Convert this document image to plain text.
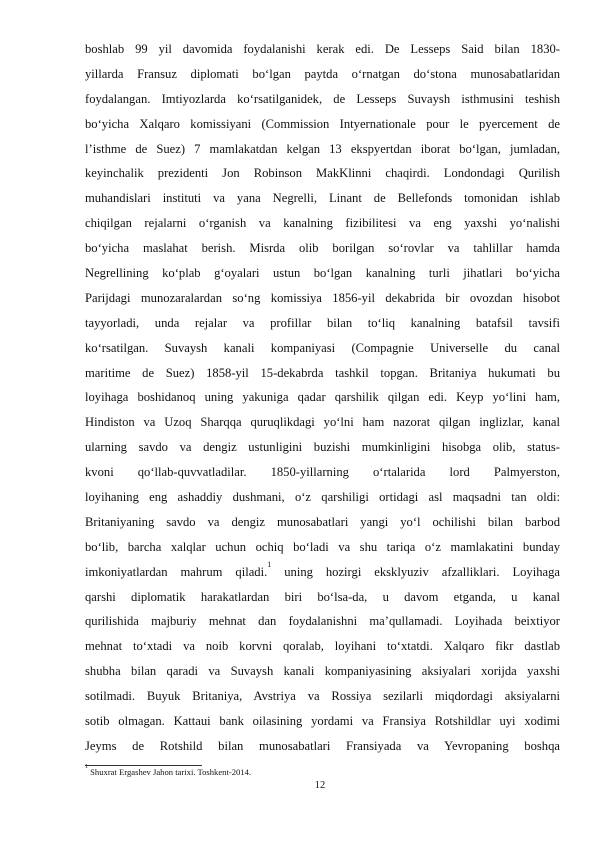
boshlab 99 yil davomida foydalanishi kerak edi. De Lesseps Said bilan 1830-
yillarda Fransuz diplomati bo‘lgan paytda o‘rnatgan do‘stona munosabatlaridan
foydalangan. Imtiyozlarda ko‘rsatilganidek, de Lesseps Suvaysh isthmusini teshish
bo‘yicha Xalqaro komissiyani (Commission Intyernationale pour le pyercement de
l’isthme de Suez) 7 mamlakatdan kelgan 13 ekspyertdan iborat bo‘lgan, jumladan,
keyinchalik prezidenti Jon Robinson MakKlinni chaqirdi. Londondagi Qurilish
muhandislari instituti va yana Negrelli, Linant de Bellefonds tomonidan ishlab
chiqilgan rejalarni o‘rganish va kanalning fizibilitesi va eng yaxshi yo‘nalishi
bo‘yicha maslahat berish. Misrda olib borilgan so‘rovlar va tahlillar hamda
Negrellining ko‘plab g‘oyalari ustun bo‘lgan kanalning turli jihatlari bo‘yicha
Parijdagi munozaralardan so‘ng komissiya 1856-yil dekabrida bir ovozdan hisobot
tayyorladi, unda rejalar va profillar bilan to‘liq kanalning batafsil tavsifi
ko‘rsatilgan. Suvaysh kanali kompaniyasi (Compagnie Universelle du canal
maritime de Suez) 1858-yil 15-dekabrda tashkil topgan. Britaniya hukumati bu
loyihaga boshidanoq uning yakuniga qadar qarshilik qilgan edi. Keyp yo‘lini ham,
Hindiston va Uzoq Sharqqa quruqlikdagi yo‘lni ham nazorat qilgan inglizlar, kanal
ularning savdo va dengiz ustunligini buzishi mumkinligini hisobga olib, status-
kvoni qo‘llab-quvvatladilar. 1850-yillarning o‘rtalarida lord Palmyerston,
loyihaning eng ashaddiy dushmani, o‘z qarshiligi ortidagi asl maqsadni tan oldi:
Britaniyaning savdo va dengiz munosabatlari yangi yo‘l ochilishi bilan barbod
bo‘lib, barcha xalqlar uchun ochiq bo‘ladi va shu tariqa o‘z mamlakatini bunday
imkoniyatlardan mahrum qiladi.$^1$ uning hozirgi eksklyuziv afzalliklari. Loyihaga
qarshi diplomatik harakatlardan biri bo‘lsa-da, u davom etganda, u kanal
qurilishida majburiy mehnat dan foydalanishni ma’qullamadi. Loyihada beixtiyor
mehnat to‘xtadi va noib korvni qoralab, loyihani to‘xtatdi. Xalqaro fikr dastlab
shubha bilan qaradi va Suvaysh kanali kompaniyasining aksiyalari xorijda yaxshi
sotilmadi. Buyuk Britaniya, Avstriya va Rossiya sezilarli miqdordagi aksiyalarni
sotib olmagan. Kattaui bank oilasining yordami va Fransiya Rotshildlar uyi xodimi
Jeyms de Rotshild bilan munosabatlari Fransiyada va Yevropaning boshqa
$^1$ Shuxrat Ergashev Jahon tarixi. Toshkent-2014.
12
